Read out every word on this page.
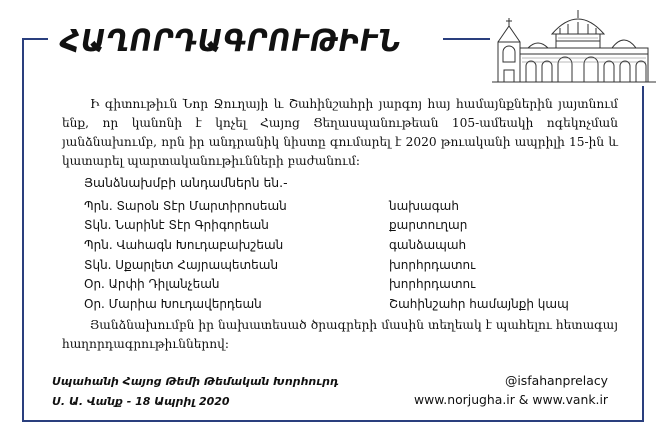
ՀԱՂՈՐԴԱԳՐՈՒԹԻՒՆ

Ի գիտութիւն Նոր Ջուղայի և Շահինշահրի յարգոյ հայ համայնքներին յայտնում ենք, որ կանոնի է կոչել Հայոց Ցեղասպանութեան 105-ամեակի ոգեկոչման յանձնախումբ, որն իր անդրանիկ նիստը գումարել է 2020 թուականի ապրիլի 15-ին և կատարել պարտականութիւնների բաժանում:

Յանձնախմբի անդամներն են.-
Պրն. Տարօն Տէր Մարտիրոսեան	նախագահ
Տկն. Նարինէ Տէր Գրիգորեան	քարտուղար
Պրն. Վահագն Խուդաբախշեան	գանձապահ
Տկն. Սքարլետ Հայրապետեան	խորհրդատու
Օր. Արփի Դիլանչեան	խորհրդատու
Օր. Մարիա Խուդավերդեան	Շահինշահր համայնքի կապ

Յանձնախումբն իր նախատեսած ծրագրերի մասին տեղեակ է պահելու հետագայ հաղորդագրութիւններով:

Սպահանի Հայոց Թեմի Թեմական Խորհուրդ
Ս. Ա. Վանք - 18 Ապրիլ 2020
@isfahanprelacy
www.norjugha.ir & www.vank.ir
